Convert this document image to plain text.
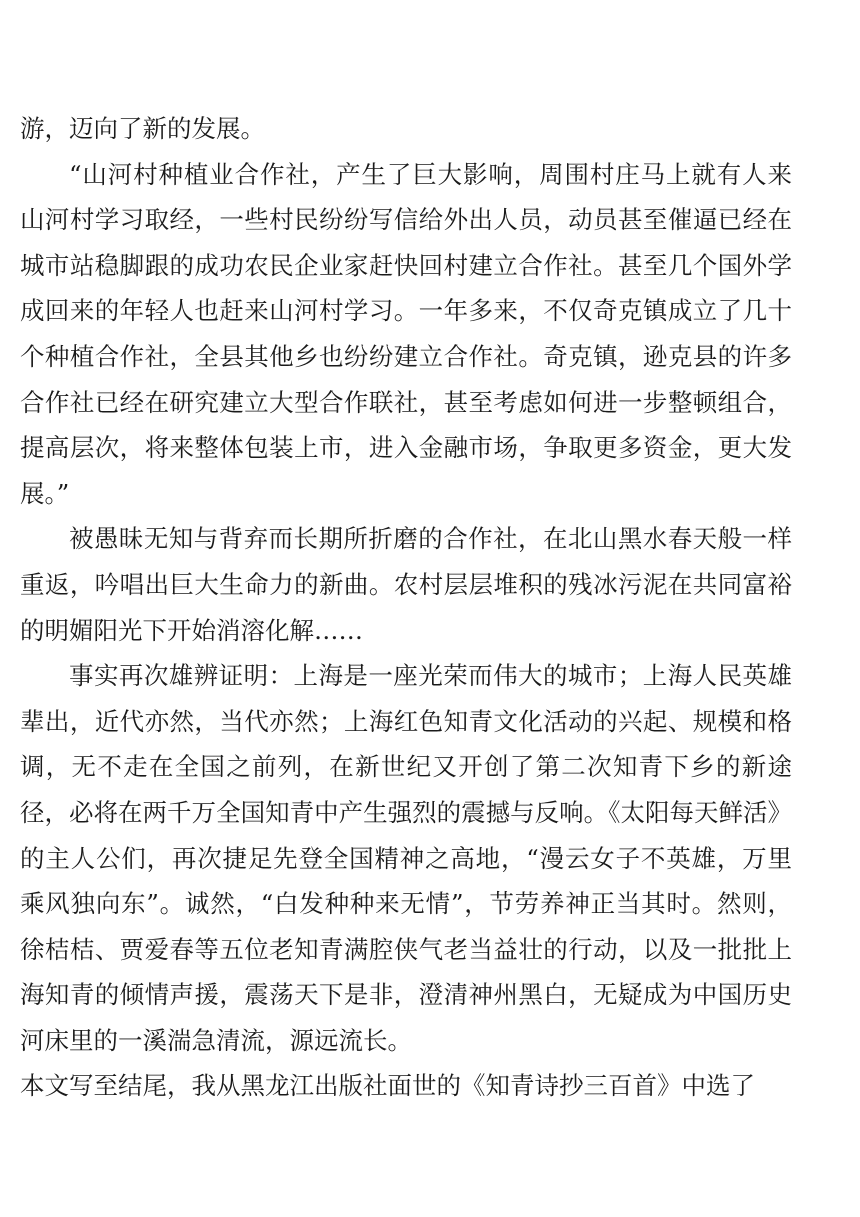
游，迈向了新的发展。

“山河村种植业合作社，产生了巨大影响，周围村庄马上就有人来山河村学习取经，一些村民纷纷写信给外出人员，动员甚至催逼已经在城市站稳脚跟的成功农民企业家赶快回村建立合作社。甚至几个国外学成回来的年轻人也赶来山河村学习。一年多来，不仅奇克镇成立了几十个种植合作社，全县其他乡也纷纷建立合作社。奇克镇，逊克县的许多合作社已经在研究建立大型合作联社，甚至考虑如何进一步整顿组合，提高层次，将来整体包装上市，进入金融市场，争取更多资金，更大发展。”

被愚昧无知与背弃而长期所折磨的合作社，在北山黑水春天般一样重返，吟唱出巨大生命力的新曲。农村层层堆积的残冰污泥在共同富裕的明媚阳光下开始消溶化解……

事实再次雄辨证明：上海是一座光荣而伟大的城市；上海人民英雄辈出，近代亦然，当代亦然；上海红色知青文化活动的兴起、规模和格调，无不走在全国之前列，在新世纪又开创了第二次知青下乡的新途径，必将在两千万全国知青中产生强烈的震撼与反响。《太阳每天鲜活》的主人公们，再次捷足先登全国精神之高地，“漫云女子不英雄，万里乘风独向东”。诚然，“白发种种来无情”，节劳养神正当其时。然则，徐桔桔、贾爱春等五位老知青满腔侠气老当益壮的行动，以及一批批上海知青的倾情声援，震荡天下是非，澄清神州黑白，无疑成为中国历史河床里的一溪湍急清流，源远流长。

本文写至结尾，我从黑龙江出版社面世的《知青诗抄三百首》中选了
